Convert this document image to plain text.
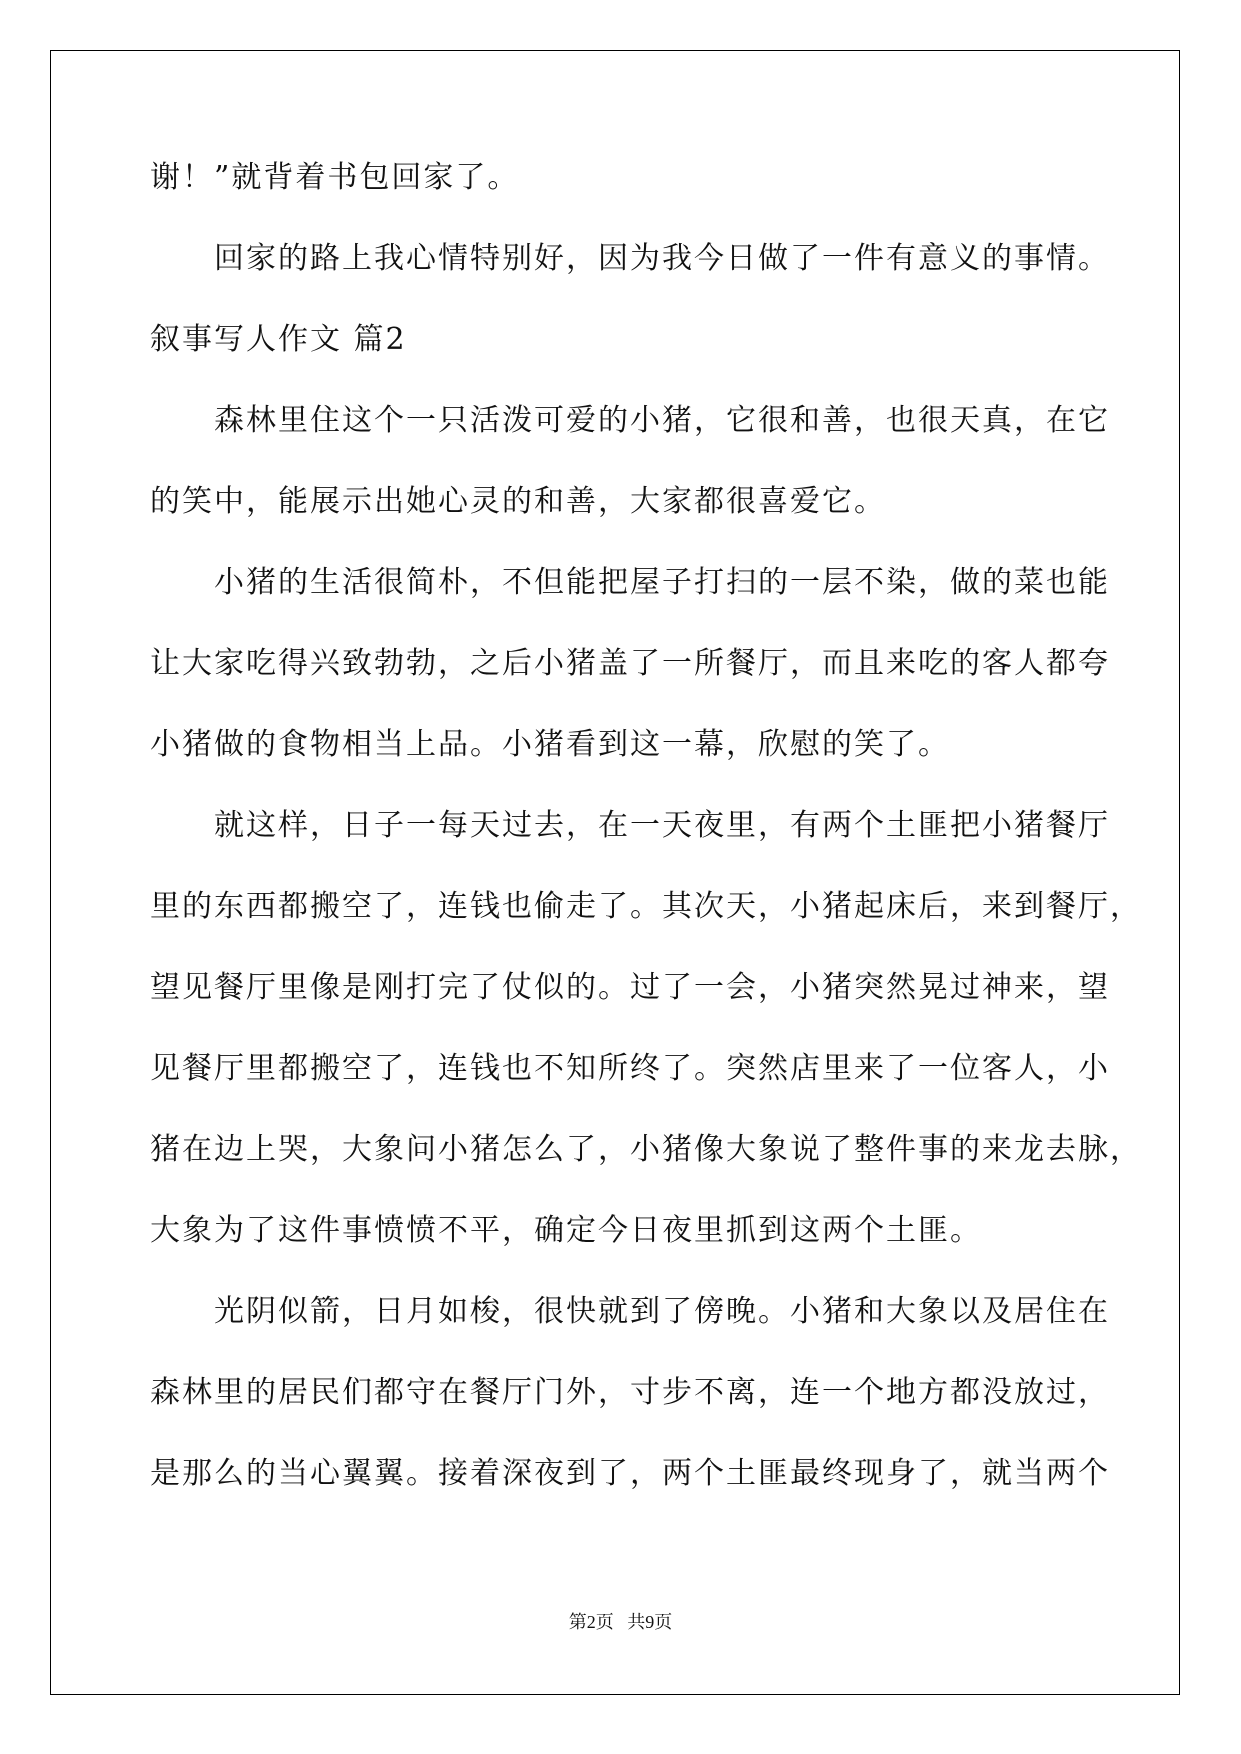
谢！”就背着书包回家了。
回家的路上我心情特别好，因为我今日做了一件有意义的事情。
叙事写人作文 篇2
森林里住这个一只活泼可爱的小猪，它很和善，也很天真，在它
的笑中，能展示出她心灵的和善，大家都很喜爱它。
小猪的生活很简朴，不但能把屋子打扫的一层不染，做的菜也能
让大家吃得兴致勃勃，之后小猪盖了一所餐厅，而且来吃的客人都夸
小猪做的食物相当上品。小猪看到这一幕，欣慰的笑了。
就这样，日子一每天过去，在一天夜里，有两个土匪把小猪餐厅
里的东西都搬空了，连钱也偷走了。其次天，小猪起床后，来到餐厅，
望见餐厅里像是刚打完了仗似的。过了一会，小猪突然晃过神来，望
见餐厅里都搬空了，连钱也不知所终了。突然店里来了一位客人，小
猪在边上哭，大象问小猪怎么了，小猪像大象说了整件事的来龙去脉，
大象为了这件事愤愤不平，确定今日夜里抓到这两个土匪。
光阴似箭，日月如梭，很快就到了傍晚。小猪和大象以及居住在
森林里的居民们都守在餐厅门外，寸步不离，连一个地方都没放过，
是那么的当心翼翼。接着深夜到了，两个土匪最终现身了，就当两个
第2页 共9页
